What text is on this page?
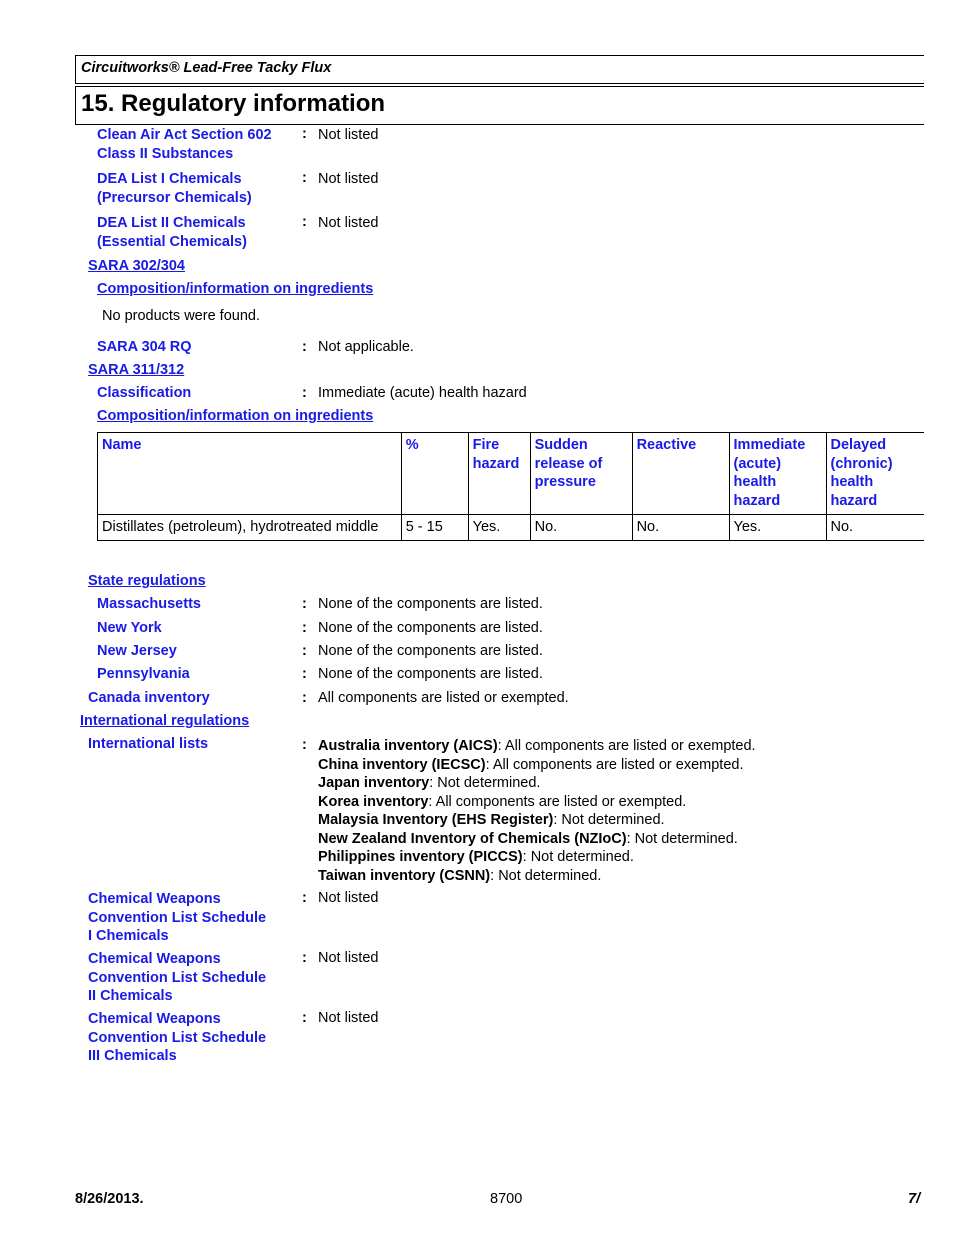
Circuitworks® Lead-Free Tacky Flux
15. Regulatory information
Clean Air Act Section 602
Class II Substances
: Not listed
DEA List I Chemicals
(Precursor Chemicals)
: Not listed
DEA List II Chemicals
(Essential Chemicals)
: Not listed
SARA 302/304
Composition/information on ingredients
No products were found.
SARA 304 RQ	: Not applicable.
SARA 311/312
Classification	: Immediate (acute) health hazard
Composition/information on ingredients
Name	%	Fire hazard	Sudden release of pressure	Reactive	Immediate (acute) health hazard	Delayed (chronic) health hazard
Distillates (petroleum), hydrotreated middle	5 - 15	Yes.	No.	No.	Yes.	No.
State regulations
Massachusetts	: None of the components are listed.
New York	: None of the components are listed.
New Jersey	: None of the components are listed.
Pennsylvania	: None of the components are listed.
Canada inventory	: All components are listed or exempted.
International regulations
International lists	: Australia inventory (AICS): All components are listed or exempted.
China inventory (IECSC): All components are listed or exempted.
Japan inventory: Not determined.
Korea inventory: All components are listed or exempted.
Malaysia Inventory (EHS Register): Not determined.
New Zealand Inventory of Chemicals (NZIoC): Not determined.
Philippines inventory (PICCS): Not determined.
Taiwan inventory (CSNN): Not determined.
Chemical Weapons
Convention List Schedule
I Chemicals
: Not listed
Chemical Weapons
Convention List Schedule
II Chemicals
: Not listed
Chemical Weapons
Convention List Schedule
III Chemicals
: Not listed
8/26/2013.	8700	7/
